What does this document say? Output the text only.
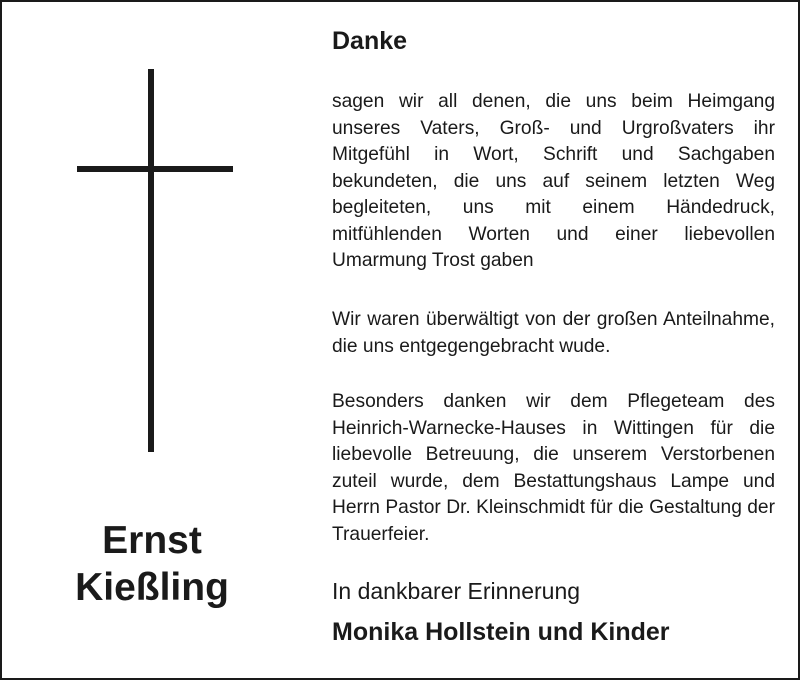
Ernst
Kießling
Danke

sagen wir all denen, die uns beim Heimgang unseres Vaters, Groß- und Urgroßvaters ihr Mitgefühl in Wort, Schrift und Sachgaben bekundeten, die uns auf seinem letzten Weg begleiteten, uns mit einem Händedruck, mitfühlenden Worten und einer liebevollen Umarmung Trost gaben

Wir waren überwältigt von der großen Anteilnahme, die uns entgegengebracht wude.

Besonders danken wir dem Pflegeteam des Heinrich-Warnecke-Hauses in Wittingen für die liebevolle Betreuung, die unserem Verstorbenen zuteil wurde, dem Bestattungshaus Lampe und Herrn Pastor Dr. Kleinschmidt für die Gestaltung der Trauerfeier.

In dankbarer Erinnerung
Monika Hollstein und Kinder
